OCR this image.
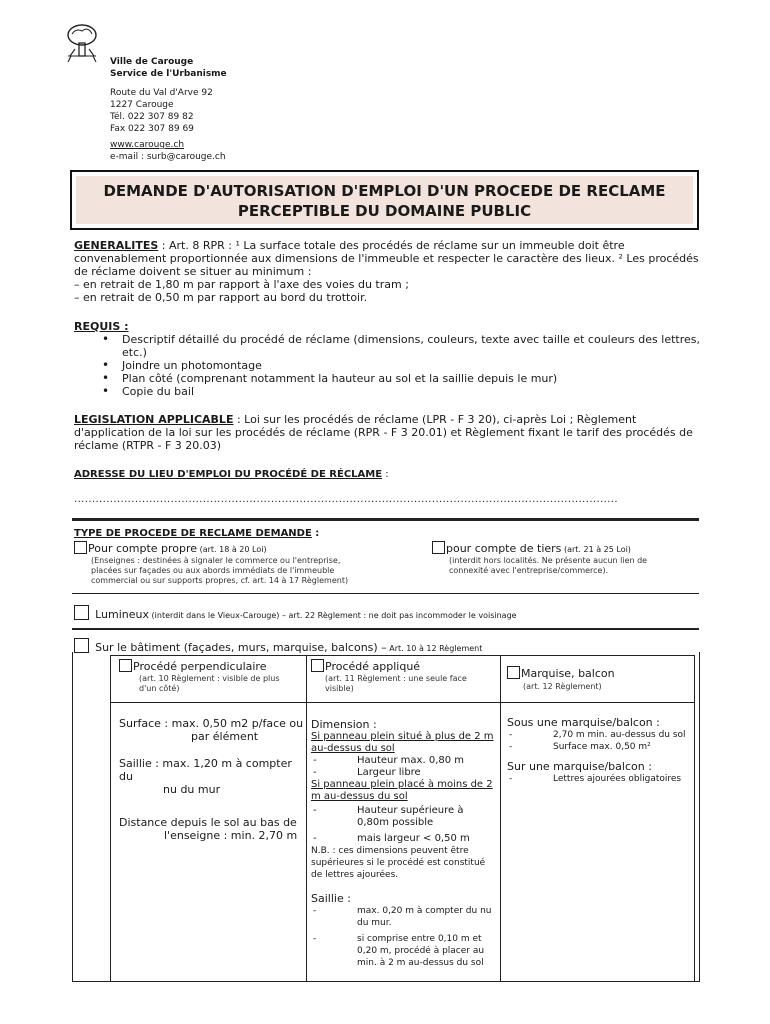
Ville de Carouge
Service de l'Urbanisme
Route du Val d'Arve 92
1227 Carouge
Tél. 022 307 89 82
Fax 022 307 89 69
www.carouge.ch
e-mail : surb@carouge.ch
DEMANDE D'AUTORISATION D'EMPLOI D'UN PROCEDE DE RECLAME
PERCEPTIBLE DU DOMAINE PUBLIC
GENERALITES : Art. 8 RPR : ¹ La surface totale des procédés de réclame sur un immeuble doit être convenablement proportionnée aux dimensions de l'immeuble et respecter le caractère des lieux. ² Les procédés de réclame doivent se situer au minimum :
– en retrait de 1,80 m par rapport à l'axe des voies du tram ;
– en retrait de 0,50 m par rapport au bord du trottoir.
REQUIS :
• Descriptif détaillé du procédé de réclame (dimensions, couleurs, texte avec taille et couleurs des lettres, etc.)
• Joindre un photomontage
• Plan côté (comprenant notamment la hauteur au sol et la saillie depuis le mur)
• Copie du bail
LEGISLATION APPLICABLE : Loi sur les procédés de réclame (LPR - F 3 20), ci-après Loi ; Règlement d'application de la loi sur les procédés de réclame (RPR - F 3 20.01) et Règlement fixant le tarif des procédés de réclame (RTPR - F 3 20.03)
ADRESSE DU LIEU D'EMPLOI DU PROCÉDÉ DE RÉCLAME :
........................................................................................................................................................
TYPE DE PROCEDE DE RECLAME DEMANDE :
Pour compte propre (art. 18 à 20 Loi)
(Enseignes : destinées à signaler le commerce ou l'entreprise, placées sur façades ou aux abords immédiats de l'immeuble commercial ou sur supports propres, cf. art. 14 à 17 Règlement)
pour compte de tiers (art. 21 à 25 Loi)
(interdit hors localités. Ne présente aucun lien de connexité avec l'entreprise/commerce).
Lumineux (interdit dans le Vieux-Carouge) – art. 22 Règlement : ne doit pas incommoder le voisinage
Sur le bâtiment (façades, murs, marquise, balcons) – Art. 10 à 12 Règlement
Procédé perpendiculaire
(art. 10 Règlement : visible de plus d'un côté)
Procédé appliqué
(art. 11 Règlement : une seule face visible)
Marquise, balcon
(art. 12 Règlement)
Surface : max. 0,50 m2 p/face ou
par élément
Saillie : max. 1,20 m à compter du
nu du mur
Distance depuis le sol au bas de
l'enseigne : min. 2,70 m
Dimension :
Si panneau plein situé à plus de 2 m au-dessus du sol
- Hauteur max. 0,80 m
- Largeur libre
Si panneau plein placé à moins de 2 m au-dessus du sol
- Hauteur supérieure à 0,80m possible
- mais largeur < 0,50 m
N.B. : ces dimensions peuvent être supérieures si le procédé est constitué de lettres ajourées.
Saillie :
- max. 0,20 m à compter du nu du mur.
- si comprise entre 0,10 m et 0,20 m, procédé à placer au min. à 2 m au-dessus du sol
Sous une marquise/balcon :
- 2,70 m min. au-dessus du sol
- Surface max. 0,50 m²
Sur une marquise/balcon :
- Lettres ajourées obligatoires
